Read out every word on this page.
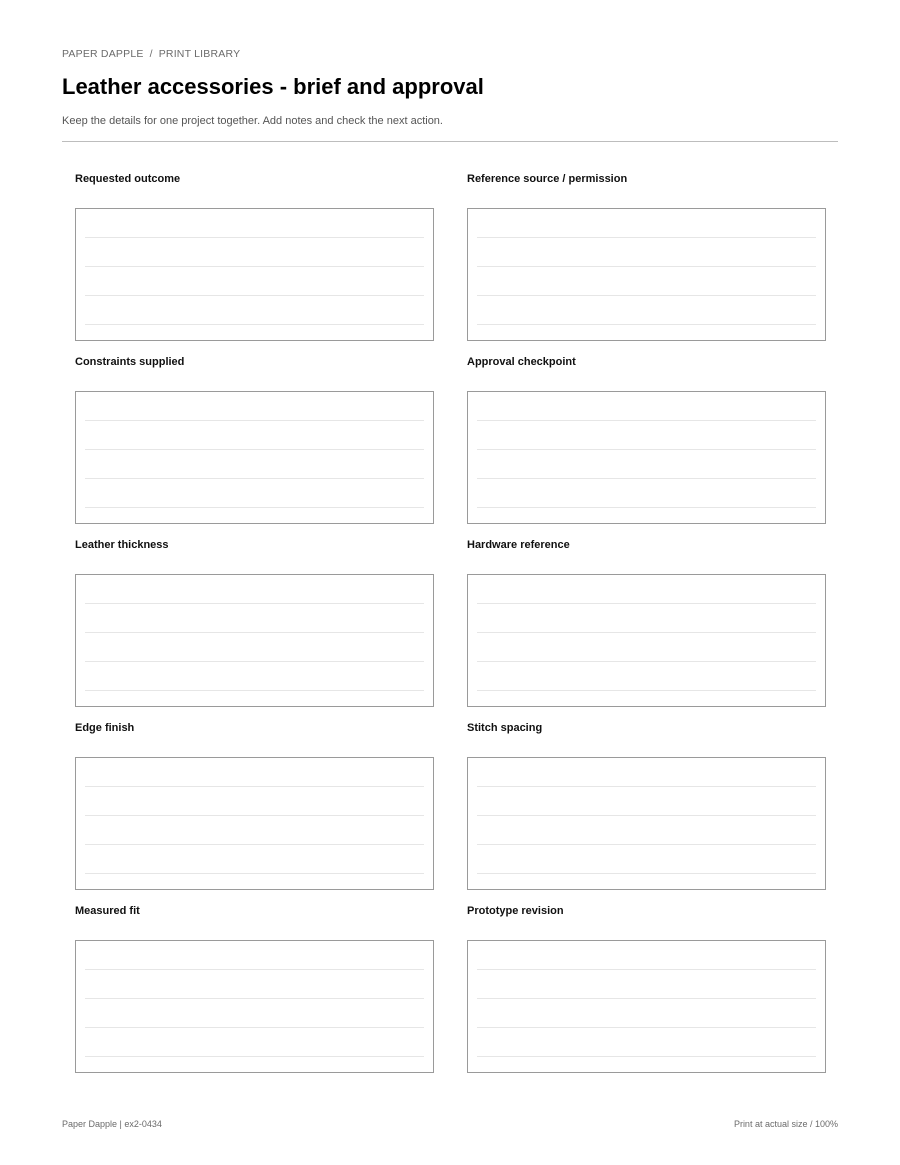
PAPER DAPPLE / PRINT LIBRARY
Leather accessories - brief and approval

Keep the details for one project together. Add notes and check the next action.

Requested outcome	Reference source / permission
Constraints supplied	Approval checkpoint
Leather thickness	Hardware reference
Edge finish	Stitch spacing
Measured fit	Prototype revision
Paper Dapple | ex2-0434	Print at actual size / 100%
